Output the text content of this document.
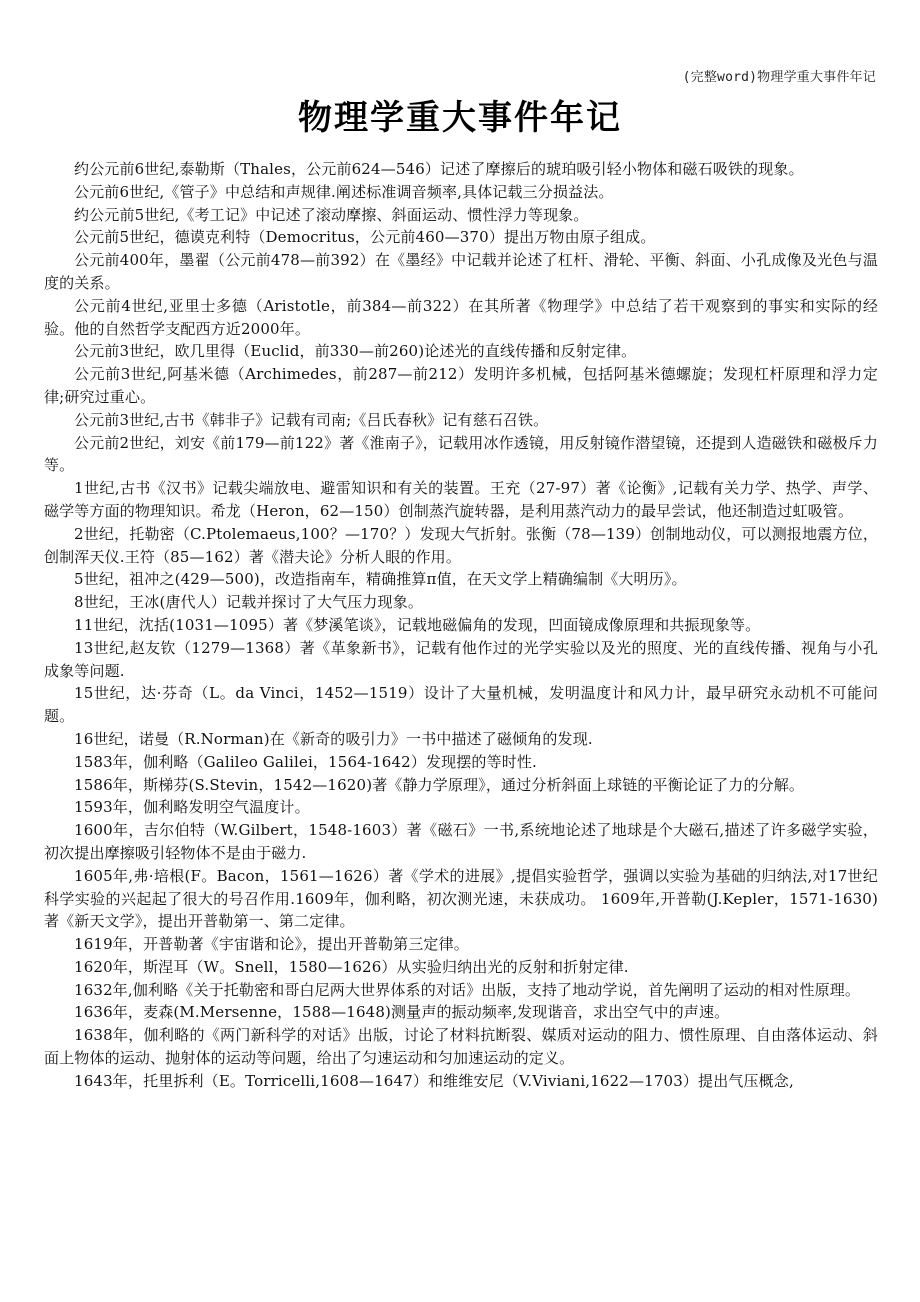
(完整word)物理学重大事件年记
物理学重大事件年记

约公元前6世纪,泰勒斯（Thales，公元前624—546）记述了摩擦后的琥珀吸引轻小物体和磁石吸铁的现象。

公元前6世纪,《管子》中总结和声规律.阐述标准调音频率,具体记载三分损益法。

约公元前5世纪,《考工记》中记述了滚动摩擦、斜面运动、惯性浮力等现象。

公元前5世纪，德谟克利特（Democritus，公元前460—370）提出万物由原子组成。

公元前400年，墨翟（公元前478—前392）在《墨经》中记载并论述了杠杆、滑轮、平衡、斜面、小孔成像及光色与温度的关系。

公元前4世纪,亚里士多德（Aristotle，前384—前322）在其所著《物理学》中总结了若干观察到的事实和实际的经验。他的自然哲学支配西方近2000年。

公元前3世纪，欧几里得（Euclid，前330—前260)论述光的直线传播和反射定律。

公元前3世纪,阿基米德（Archimedes，前287—前212）发明许多机械，包括阿基米德螺旋；发现杠杆原理和浮力定律;研究过重心。

公元前3世纪,古书《韩非子》记载有司南;《吕氏春秋》记有慈石召铁。

公元前2世纪，刘安《前179—前122》著《淮南子》，记载用冰作透镜，用反射镜作潜望镜，还提到人造磁铁和磁极斥力等。

1世纪,古书《汉书》记载尖端放电、避雷知识和有关的装置。王充（27-97）著《论衡》,记载有关力学、热学、声学、磁学等方面的物理知识。希龙（Heron，62—150）创制蒸汽旋转器，是利用蒸汽动力的最早尝试，他还制造过虹吸管。

2世纪，托勒密（C.Ptolemaeus,100？—170？）发现大气折射。张衡（78—139）创制地动仪，可以测报地震方位，创制浑天仪.王符（85—162）著《潜夫论》分析人眼的作用。

5世纪，祖冲之(429—500)，改造指南车，精确推算π值，在天文学上精确编制《大明历》。

8世纪，王冰(唐代人）记载并探讨了大气压力现象。

11世纪，沈括(1031—1095）著《梦溪笔谈》，记载地磁偏角的发现，凹面镜成像原理和共振现象等。

13世纪,赵友钦（1279—1368）著《革象新书》，记载有他作过的光学实验以及光的照度、光的直线传播、视角与小孔成象等问题.

15世纪，达·芬奇（L。da Vinci，1452—1519）设计了大量机械，发明温度计和风力计，最早研究永动机不可能问题。

16世纪，诺曼（R.Norman)在《新奇的吸引力》一书中描述了磁倾角的发现.

1583年，伽利略（Galileo Galilei，1564-1642）发现摆的等时性.

1586年，斯梯芬(S.Stevin，1542—1620)著《静力学原理》，通过分析斜面上球链的平衡论证了力的分解。

1593年，伽利略发明空气温度计。

1600年，吉尔伯特（W.Gilbert，1548-1603）著《磁石》一书,系统地论述了地球是个大磁石,描述了许多磁学实验，初次提出摩擦吸引轻物体不是由于磁力.

1605年,弗·培根(F。Bacon，1561—1626）著《学术的进展》,提倡实验哲学，强调以实验为基础的归纳法,对17世纪科学实验的兴起起了很大的号召作用.1609年，伽利略，初次测光速，未获成功。 1609年,开普勒(J.Kepler，1571-1630)著《新天文学》，提出开普勒第一、第二定律。

1619年，开普勒著《宇宙谐和论》，提出开普勒第三定律。

1620年，斯涅耳（W。Snell，1580—1626）从实验归纳出光的反射和折射定律.

1632年,伽利略《关于托勒密和哥白尼两大世界体系的对话》出版，支持了地动学说，首先阐明了运动的相对性原理。

1636年，麦森(M.Mersenne，1588—1648)测量声的振动频率,发现谐音，求出空气中的声速。

1638年，伽利略的《两门新科学的对话》出版，讨论了材料抗断裂、媒质对运动的阻力、惯性原理、自由落体运动、斜面上物体的运动、抛射体的运动等问题，给出了匀速运动和匀加速运动的定义。

1643年，托里拆利（E。Torricelli,1608—1647）和维维安尼（V.Viviani,1622—1703）提出气压概念,
